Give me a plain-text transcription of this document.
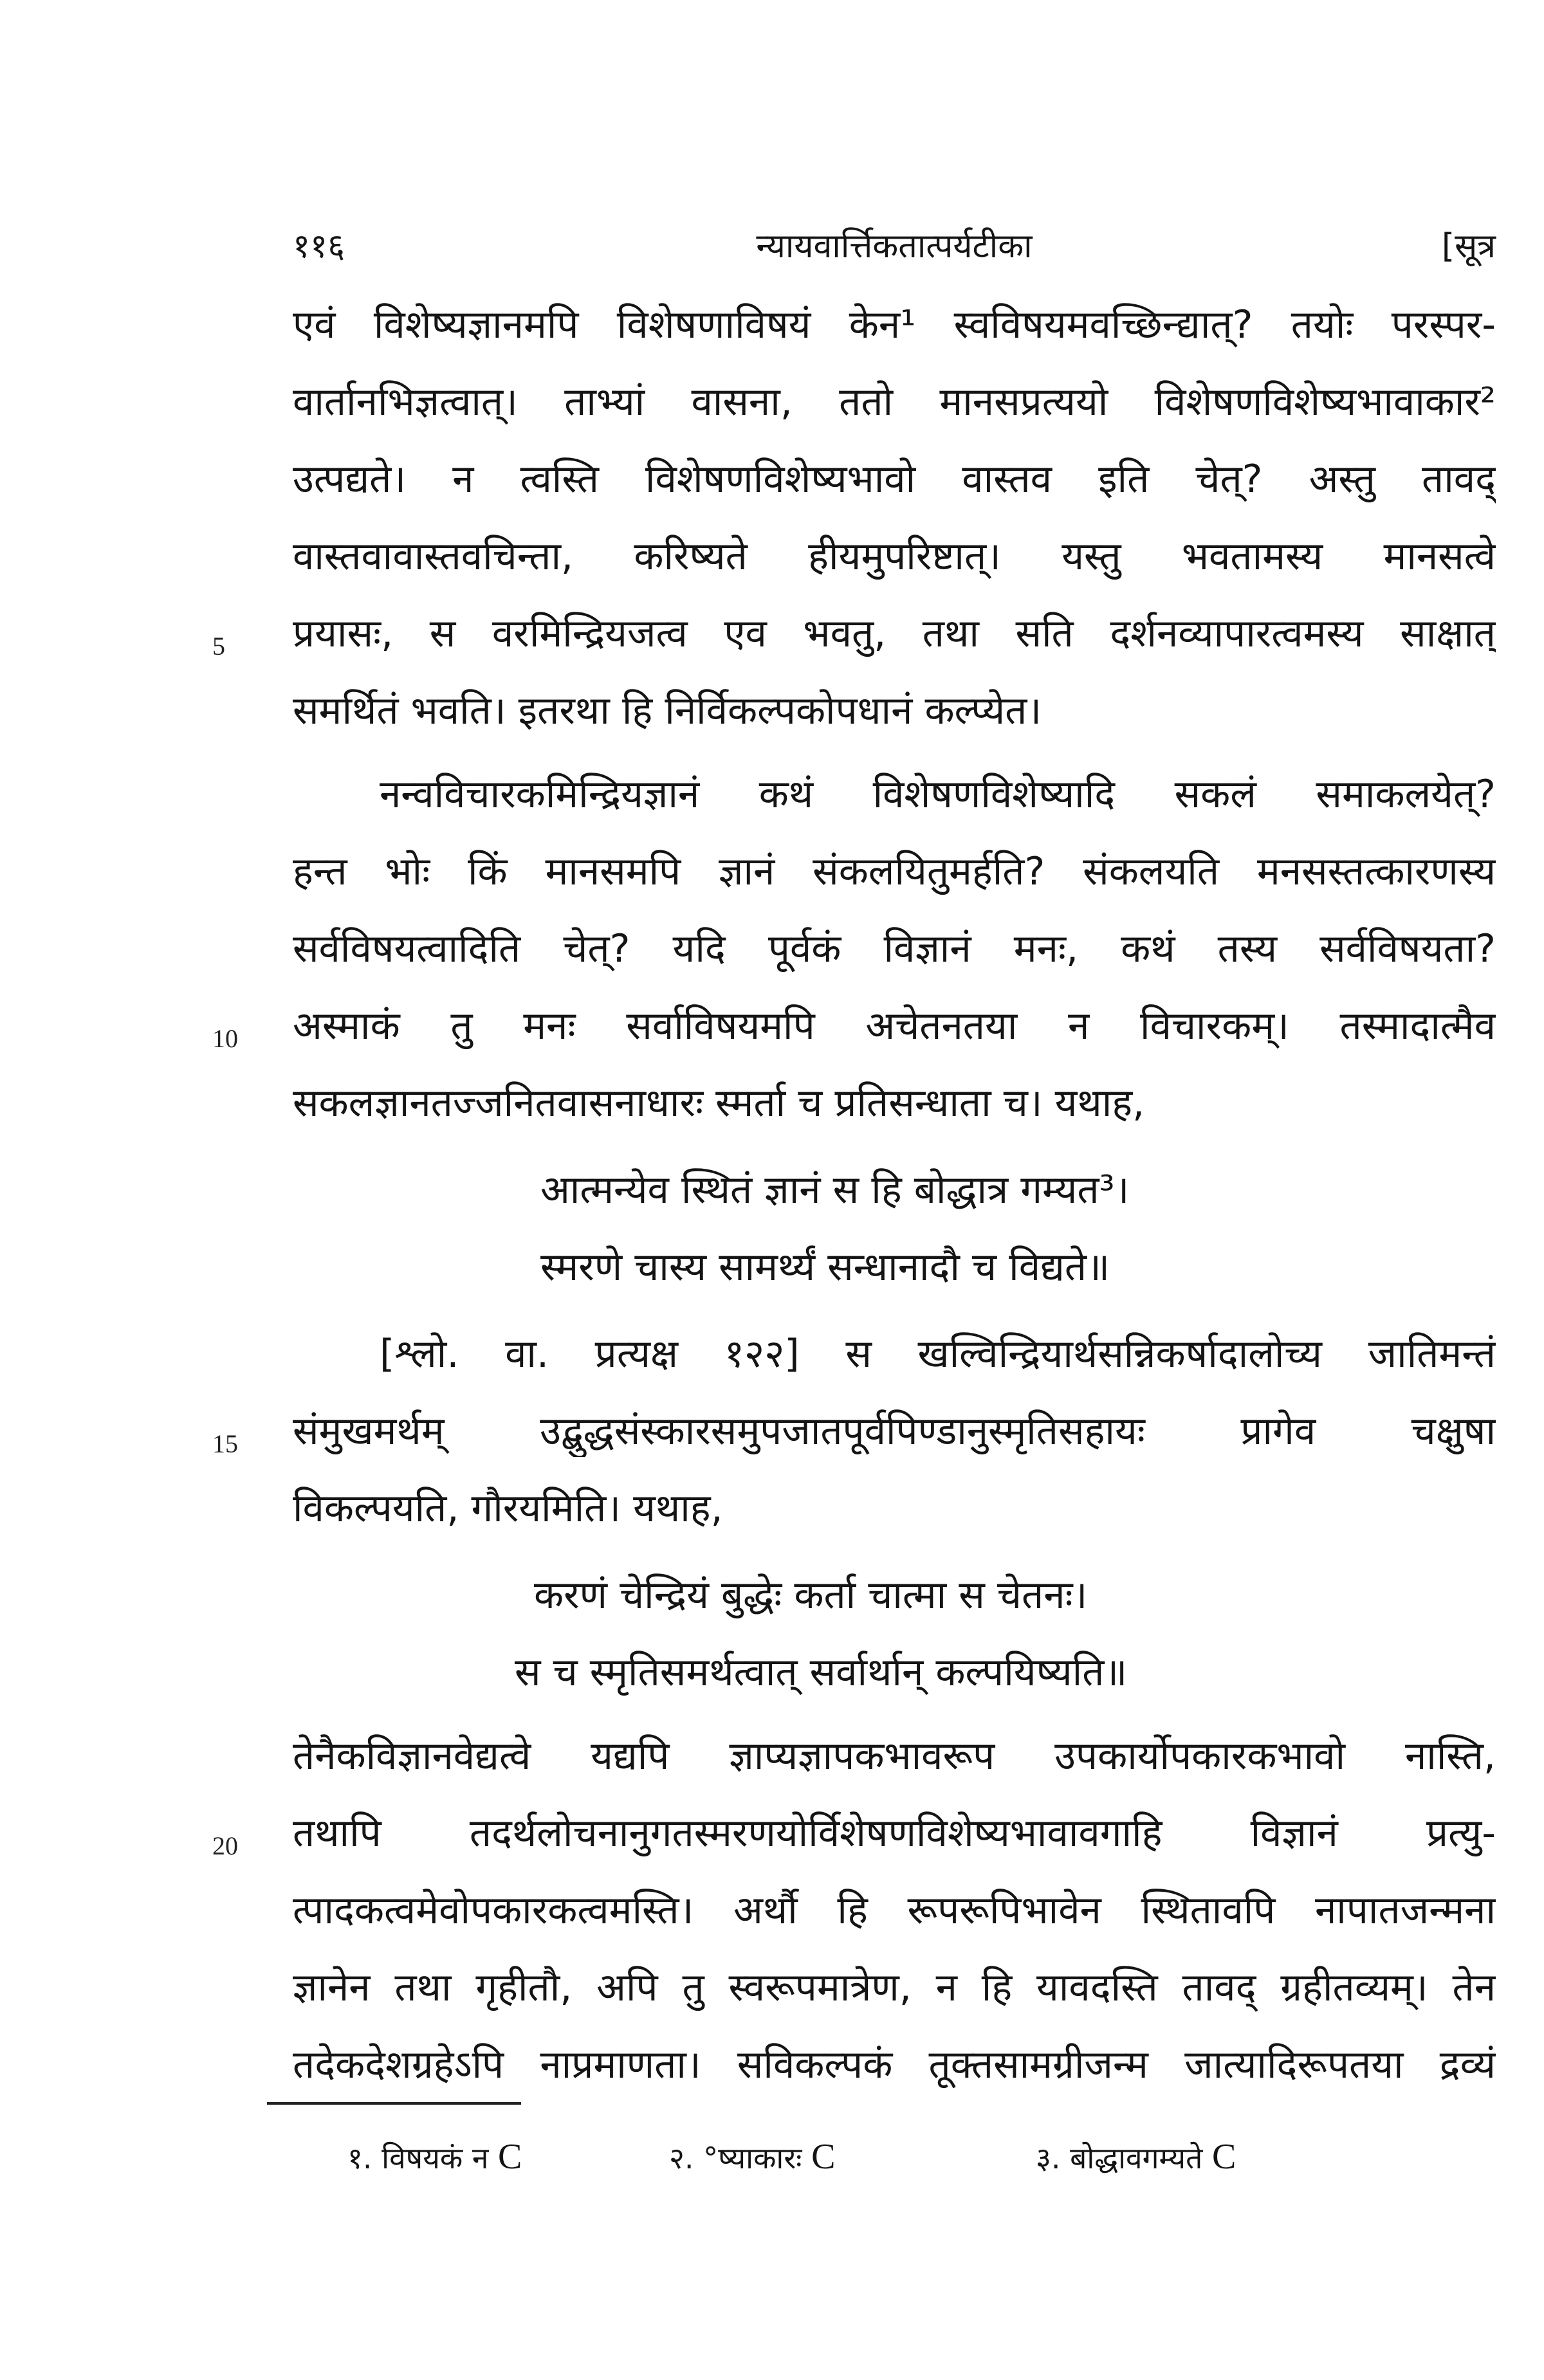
११६	न्यायवार्त्तिकतात्पर्यटीका	[सूत्र
एवं विशेष्यज्ञानमपि विशेषणाविषयं केन¹ स्वविषयमवच्छिन्द्यात्? तयोः परस्पर-
वार्तानभिज्ञत्वात्। ताभ्यां वासना, ततो मानसप्रत्ययो विशेषणविशेष्यभावाकार²
उत्पद्यते। न त्वस्ति विशेषणविशेष्यभावो वास्तव इति चेत्? अस्तु तावद्
वास्तवावास्तवचिन्ता, करिष्यते हीयमुपरिष्टात्। यस्तु भवतामस्य मानसत्वे
प्रयासः, स वरमिन्द्रियजत्व एव भवतु, तथा सति दर्शनव्यापारत्वमस्य साक्षात्
समर्थितं भवति। इतरथा हि निर्विकल्पकोपधानं कल्प्येत।
नन्वविचारकमिन्द्रियज्ञानं कथं विशेषणविशेष्यादि सकलं समाकलयेत्?
हन्त भोः किं मानसमपि ज्ञानं संकलयितुमर्हति? संकलयति मनसस्तत्कारणस्य
सर्वविषयत्वादिति चेत्? यदि पूर्वकं विज्ञानं मनः, कथं तस्य सर्वविषयता?
अस्माकं तु मनः सर्वाविषयमपि अचेतनतया न विचारकम्। तस्मादात्मैव
सकलज्ञानतज्जनितवासनाधारः स्मर्ता च प्रतिसन्धाता च। यथाह,
आत्मन्येव स्थितं ज्ञानं स हि बोद्धात्र गम्यत³।
स्मरणे चास्य सामर्थ्यं सन्धानादौ च विद्यते॥
[श्लो. वा. प्रत्यक्ष १२२] स खल्विन्द्रियार्थसन्निकर्षादालोच्य जातिमन्तं
संमुखमर्थम् उद्बुद्धसंस्कारसमुपजातपूर्वपिण्डानुस्मृतिसहायः प्रागेव चक्षुषा
विकल्पयति, गौरयमिति। यथाह,
करणं चेन्द्रियं बुद्धेः कर्ता चात्मा स चेतनः।
स च स्मृतिसमर्थत्वात् सर्वार्थान् कल्पयिष्यति॥
तेनैकविज्ञानवेद्यत्वे यद्यपि ज्ञाप्यज्ञापकभावरूप उपकार्योपकारकभावो नास्ति,
तथापि तदर्थलोचनानुगतस्मरणयोर्विशेषणविशेष्यभावावगाहि विज्ञानं प्रत्यु-
त्पादकत्वमेवोपकारकत्वमस्ति। अर्थौ हि रूपरूपिभावेन स्थितावपि नापातजन्मना
ज्ञानेन तथा गृहीतौ, अपि तु स्वरूपमात्रेण, न हि यावदस्ति तावद् ग्रहीतव्यम्। तेन
तदेकदेशग्रहेऽपि नाप्रमाणता। सविकल्पकं तूक्तसामग्रीजन्म जात्यादिरूपतया द्रव्यं
5
10
15
20
१. विषयकं न C	२. °ष्याकारः C	३. बोद्धावगम्यते C
